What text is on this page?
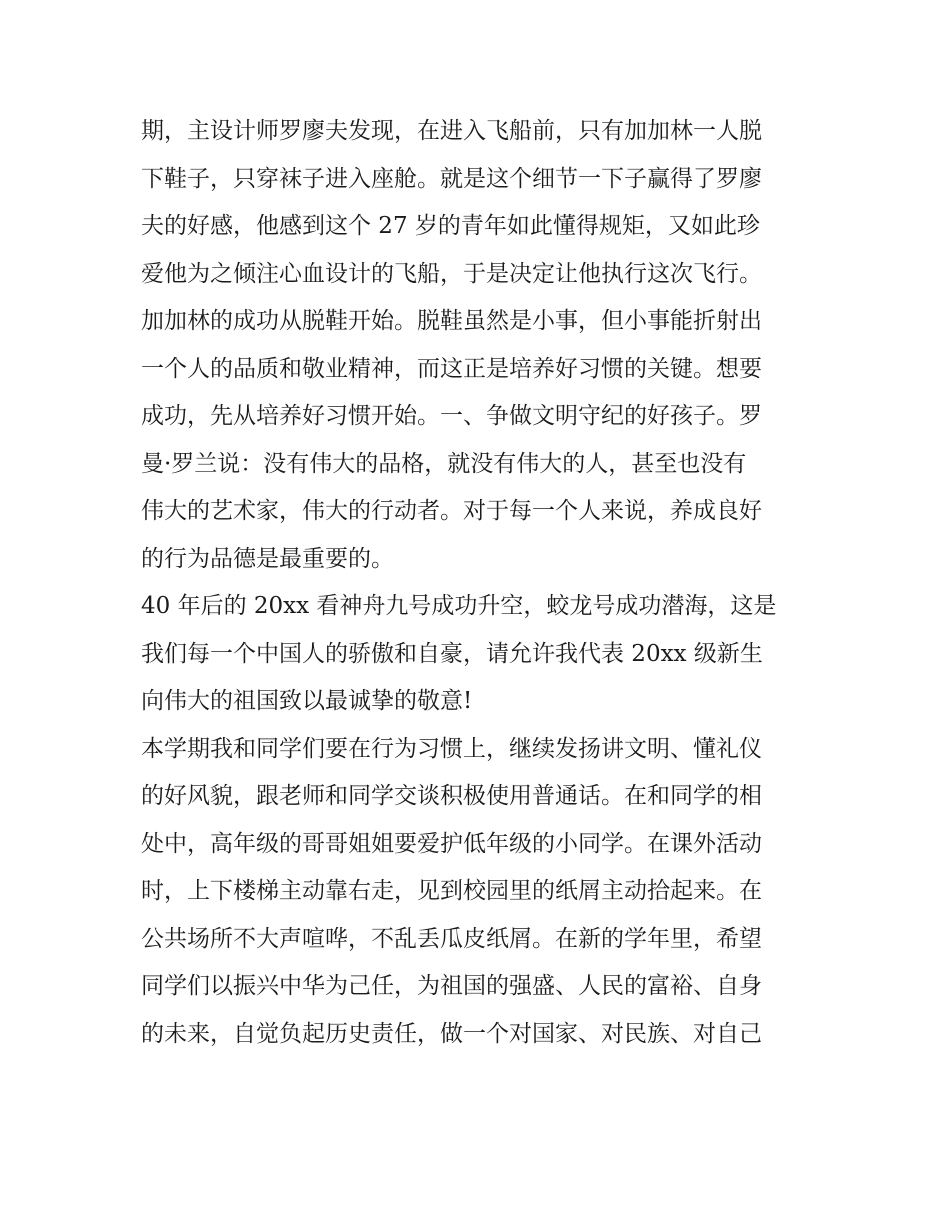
期，主设计师罗廖夫发现，在进入飞船前，只有加加林一人脱
下鞋子，只穿袜子进入座舱。就是这个细节一下子赢得了罗廖
夫的好感，他感到这个 27 岁的青年如此懂得规矩，又如此珍
爱他为之倾注心血设计的飞船，于是决定让他执行这次飞行。
加加林的成功从脱鞋开始。脱鞋虽然是小事，但小事能折射出
一个人的品质和敬业精神，而这正是培养好习惯的关键。想要
成功，先从培养好习惯开始。一、争做文明守纪的好孩子。罗
曼·罗兰说：没有伟大的品格，就没有伟大的人，甚至也没有
伟大的艺术家，伟大的行动者。对于每一个人来说，养成良好
的行为品德是最重要的。
40 年后的 20xx 看神舟九号成功升空，蛟龙号成功潜海，这是
我们每一个中国人的骄傲和自豪，请允许我代表 20xx 级新生
向伟大的祖国致以最诚挚的敬意!
本学期我和同学们要在行为习惯上，继续发扬讲文明、懂礼仪
的好风貌，跟老师和同学交谈积极使用普通话。在和同学的相
处中，高年级的哥哥姐姐要爱护低年级的小同学。在课外活动
时，上下楼梯主动靠右走，见到校园里的纸屑主动拾起来。在
公共场所不大声喧哗，不乱丢瓜皮纸屑。在新的学年里，希望
同学们以振兴中华为己任，为祖国的强盛、人民的富裕、自身
的未来，自觉负起历史责任，做一个对国家、对民族、对自己
